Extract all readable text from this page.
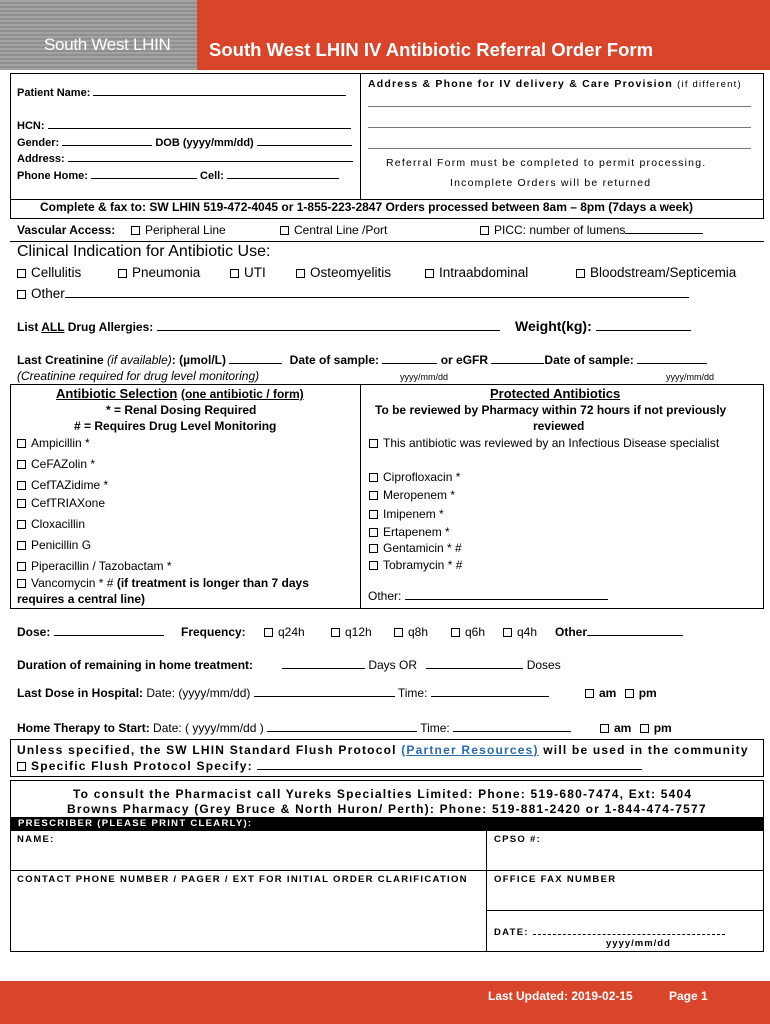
South West LHIN South West LHIN IV Antibiotic Referral Order Form
Patient Name:
HCN:
Gender:	DOB (yyyy/mm/dd)
Address:
Phone Home:	Cell:
Address & Phone for IV delivery & Care Provision (if different)
Referral Form must be completed to permit processing.
Incomplete Orders will be returned
Complete & fax to: SW LHIN 519-472-4045 or 1-855-223-2847 Orders processed between 8am – 8pm (7days a week)
Vascular Access:	Peripheral Line	Central Line /Port	PICC: number of lumens
Clinical Indication for Antibiotic Use:
Cellulitis	Pneumonia	UTI	Osteomyelitis	Intraabdominal	Bloodstream/Septicemia
Other
List ALL Drug Allergies:	Weight(kg):
Last Creatinine (if available): (µmol/L)	Date of sample:	or eGFR	Date of sample:
(Creatinine required for drug level monitoring)	yyyy/mm/dd	yyyy/mm/dd
Antibiotic Selection (one antibiotic / form)
* = Renal Dosing Required
# = Requires Drug Level Monitoring
Ampicillin *
CeFAZolin *
CefTAZidime *
CefTRIAXone
Cloxacillin
Penicillin G
Piperacillin / Tazobactam *
Vancomycin * # (if treatment is longer than 7 days
requires a central line)
Protected Antibiotics
To be reviewed by Pharmacy within 72 hours if not previously
reviewed
This antibiotic was reviewed by an Infectious Disease specialist
Ciprofloxacin *
Meropenem *
Imipenem *
Ertapenem *
Gentamicin * #
Tobramycin * #
Other:
Dose:	Frequency:	q24h	q12h	q8h	q6h	q4h Other
Duration of remaining in home treatment:	Days OR	Doses
Last Dose in Hospital: Date: (yyyy/mm/dd)	Time:	am pm
Home Therapy to Start: Date: ( yyyy/mm/dd )	Time:	am pm
Unless specified, the SW LHIN Standard Flush Protocol (Partner Resources) will be used in the community
Specific Flush Protocol Specify:
To consult the Pharmacist call Yureks Specialties Limited: Phone: 519-680-7474, Ext: 5404
Browns Pharmacy (Grey Bruce & North Huron/ Perth): Phone: 519-881-2420 or 1-844-474-7577
PRESCRIBER (PLEASE PRINT CLEARLY):
NAME:	CPSO #:
CONTACT PHONE NUMBER / PAGER / EXT FOR INITIAL ORDER CLARIFICATION	OFFICE FAX NUMBER
DATE:
yyyy/mm/dd
Last Updated: 2019-02-15	Page 1
